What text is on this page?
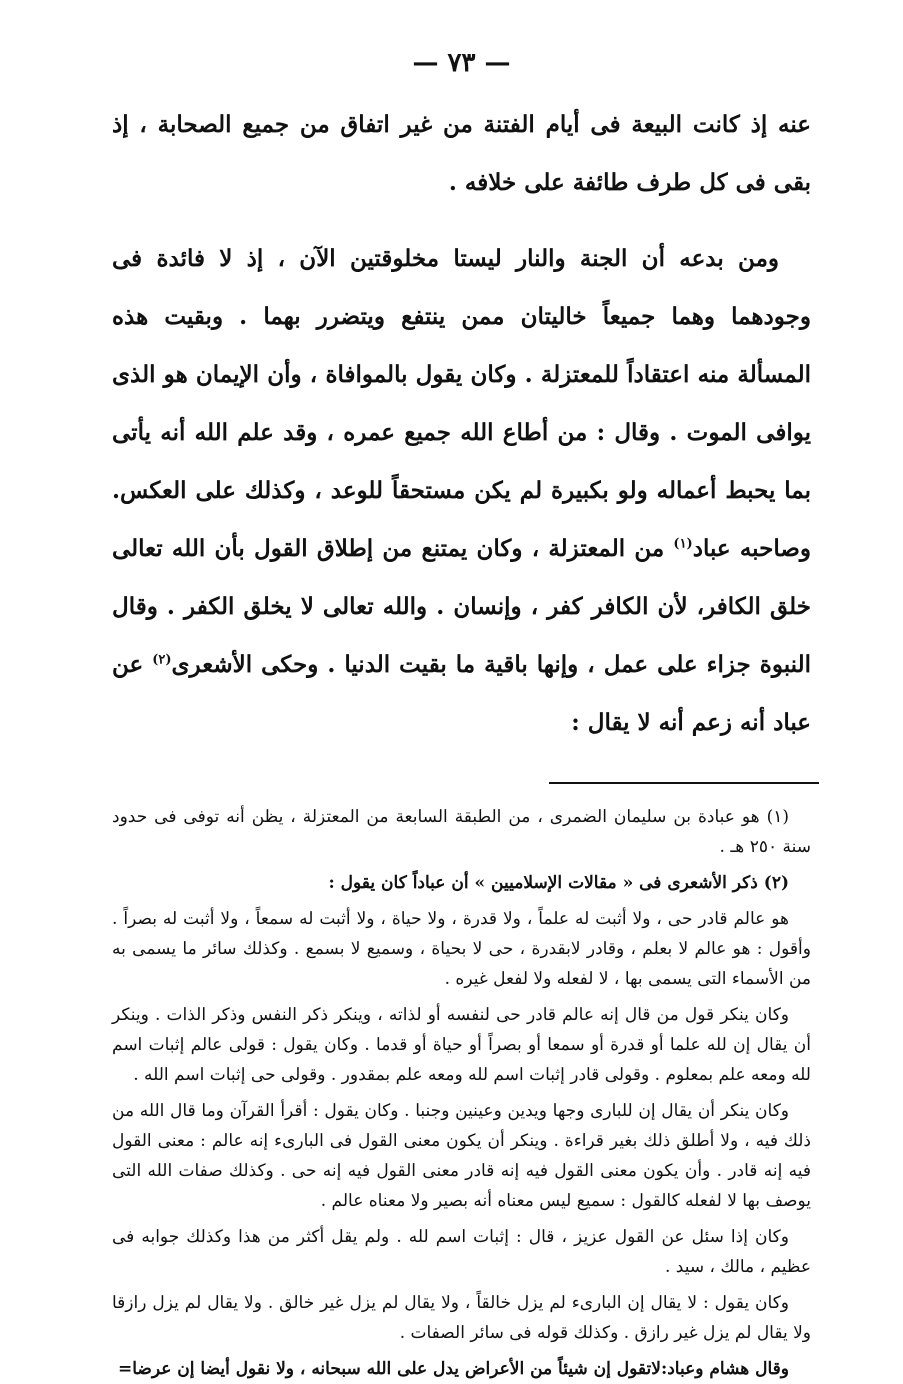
— ٧٣ —

عنه إذ كانت البيعة فى أيام الفتنة من غير اتفاق من جميع الصحابة ، إذ بقى فى كل طرف طائفة على خلافه .

ومن بدعه أن الجنة والنار ليستا مخلوقتين الآن ، إذ لا فائدة فى وجودهما وهما جميعاً خاليتان ممن ينتفع ويتضرر بهما . وبقيت هذه المسألة منه اعتقاداً للمعتزلة . وكان يقول بالموافاة ، وأن الإيمان هو الذى يوافى الموت . وقال : من أطاع الله جميع عمره ، وقد علم الله أنه يأتى بما يحبط أعماله ولو بكبيرة لم يكن مستحقاً للوعد ، وكذلك على العكس. وصاحبه عباد$^{(١)}$ من المعتزلة ، وكان يمتنع من إطلاق القول بأن الله تعالى خلق الكافر، لأن الكافر كفر ، وإنسان . والله تعالى لا يخلق الكفر . وقال النبوة جزاء على عمل ، وإنها باقية ما بقيت الدنيا . وحكى الأشعرى$^{(٢)}$ عن عباد أنه زعم أنه لا يقال :

(١) هو عبادة بن سليمان الضمرى ، من الطبقة السابعة من المعتزلة ، يظن أنه توفى فى حدود سنة ٢٥٠ هـ .

(٢) ذكر الأشعرى فى « مقالات الإسلاميين » أن عباداً كان يقول :

هو عالم قادر حى ، ولا أثبت له علماً ، ولا قدرة ، ولا حياة ، ولا أثبت له سمعاً ، ولا أثبت له بصراً . وأقول : هو عالم لا بعلم ، وقادر لابقدرة ، حى لا بحياة ، وسميع لا بسمع . وكذلك سائر ما يسمى به من الأسماء التى يسمى بها ، لا لفعله ولا لفعل غيره .

وكان ينكر قول من قال إنه عالم قادر حى لنفسه أو لذاته ، وينكر ذكر النفس وذكر الذات . وينكر أن يقال إن لله علما أو قدرة أو سمعا أو بصراً أو حياة أو قدما . وكان يقول : قولى عالم إثبات اسم لله ومعه علم بمعلوم . وقولى قادر إثبات اسم لله ومعه علم بمقدور . وقولى حى إثبات اسم الله .

وكان ينكر أن يقال إن للبارى وجها ويدين وعينين وجنبا . وكان يقول : أقرأ القرآن وما قال الله من ذلك فيه ، ولا أطلق ذلك بغير قراءة . وينكر أن يكون معنى القول فى البارىء إنه عالم : معنى القول فيه إنه قادر . وأن يكون معنى القول فيه إنه قادر معنى القول فيه إنه حى . وكذلك صفات الله التى يوصف بها لا لفعله كالقول : سميع ليس معناه أنه بصير ولا معناه عالم .

وكان إذا سئل عن القول عزيز ، قال : إثبات اسم لله . ولم يقل أكثر من هذا وكذلك جوابه فى عظيم ، مالك ، سيد .

وكان يقول : لا يقال إن البارىء لم يزل خالقاً ، ولا يقال لم يزل غير خالق . ولا يقال لم يزل رازقا ولا يقال لم يزل غير رازق . وكذلك قوله فى سائر الصفات .

وقال هشام وعباد:لاتقول إن شيئاً من الأعراض يدل على الله سبحانه ، ولا نقول أيضا إن عرضا=
